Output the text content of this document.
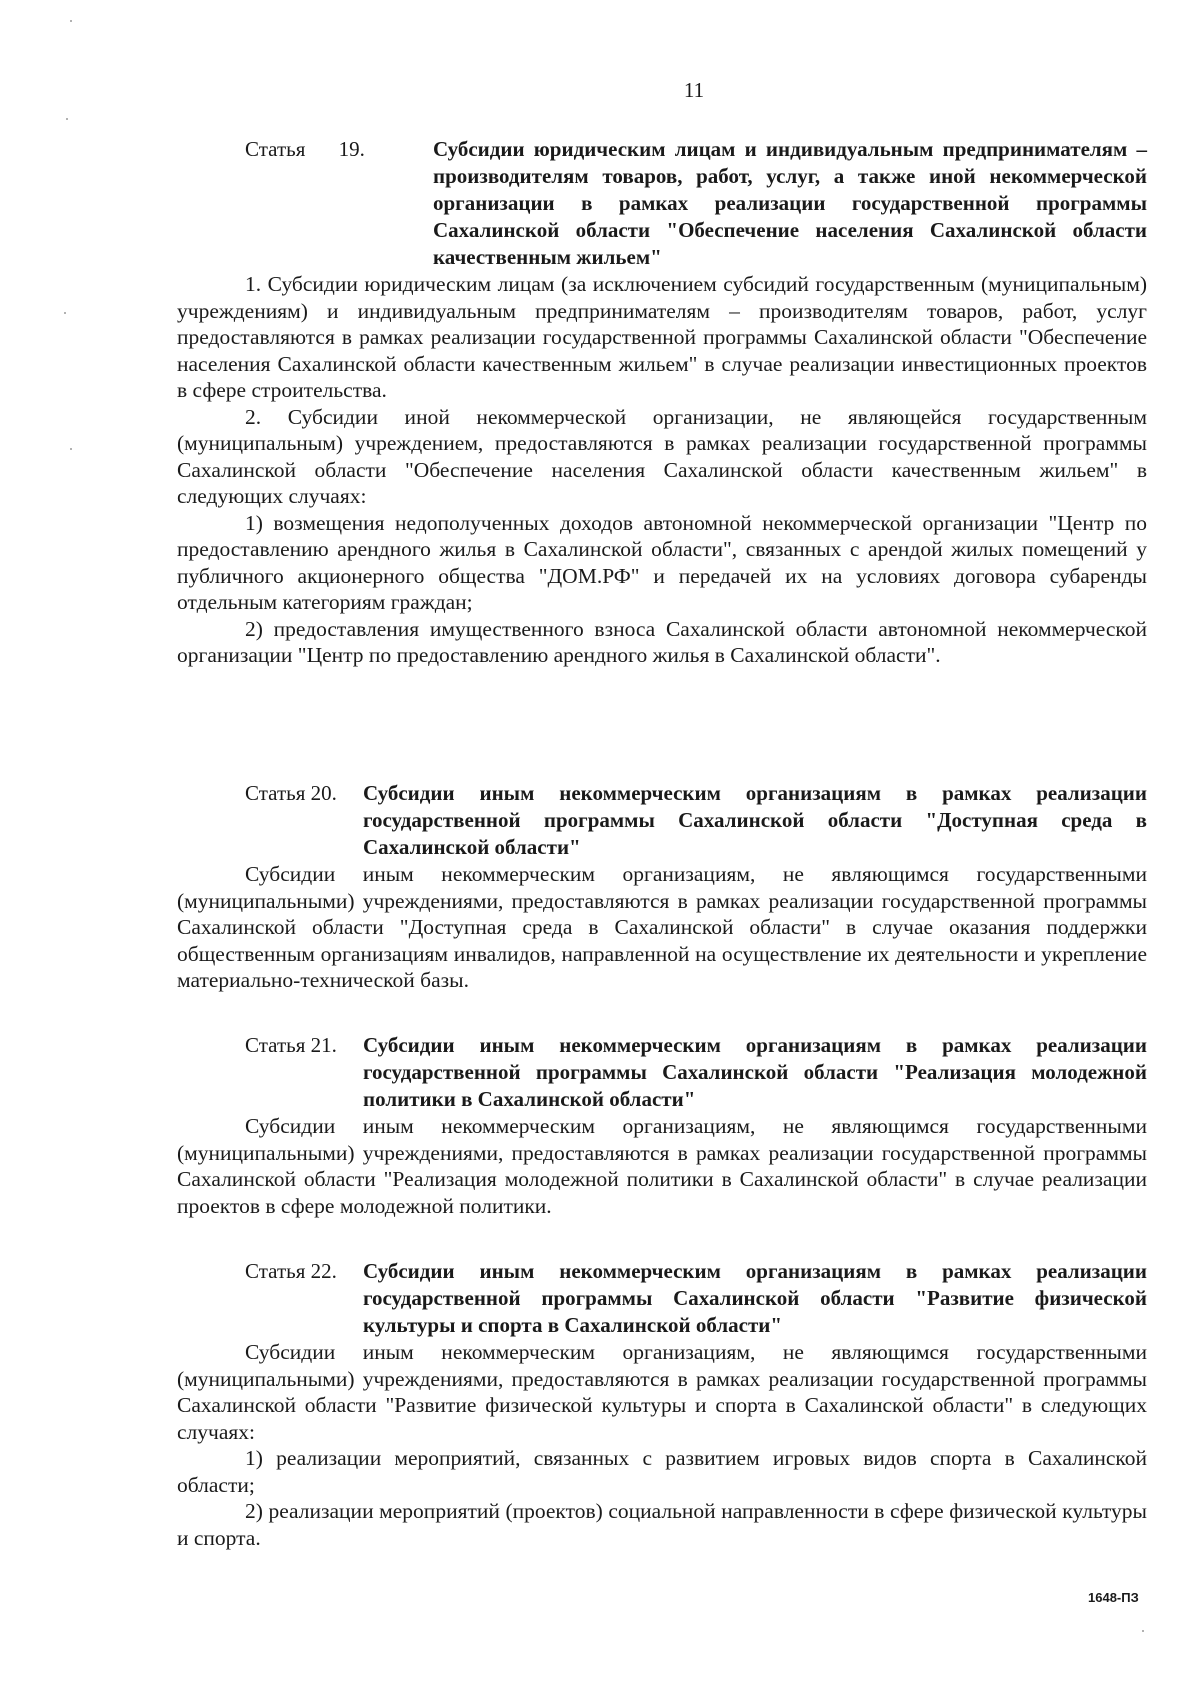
11
Статья 19.	Субсидии юридическим лицам и индивидуальным предпринимателям – производителям товаров, работ, услуг, а также иной некоммерческой организации в рамках реализации государственной программы Сахалинской области "Обеспечение населения Сахалинской области качественным жильем"

1. Субсидии юридическим лицам (за исключением субсидий государственным (муниципальным) учреждениям) и индивидуальным предпринимателям – производителям товаров, работ, услуг предоставляются в рамках реализации государственной программы Сахалинской области "Обеспечение населения Сахалинской области качественным жильем" в случае реализации инвестиционных проектов в сфере строительства.

2. Субсидии иной некоммерческой организации, не являющейся государственным (муниципальным) учреждением, предоставляются в рамках реализации государственной программы Сахалинской области "Обеспечение населения Сахалинской области качественным жильем" в следующих случаях:

1) возмещения недополученных доходов автономной некоммерческой организации "Центр по предоставлению арендного жилья в Сахалинской области", связанных с арендой жилых помещений у публичного акционерного общества "ДОМ.РФ" и передачей их на условиях договора субаренды отдельным категориям граждан;

2) предоставления имущественного взноса Сахалинской области автономной некоммерческой организации "Центр по предоставлению арендного жилья в Сахалинской области".

Статья 20. Субсидии иным некоммерческим организациям в рамках реализации государственной программы Сахалинской области "Доступная среда в Сахалинской области"

Субсидии иным некоммерческим организациям, не являющимся государственными (муниципальными) учреждениями, предоставляются в рамках реализации государственной программы Сахалинской области "Доступная среда в Сахалинской области" в случае оказания поддержки общественным организациям инвалидов, направленной на осуществление их деятельности и укрепление материально-технической базы.

Статья 21. Субсидии иным некоммерческим организациям в рамках реализации государственной программы Сахалинской области "Реализация молодежной политики в Сахалинской области"

Субсидии иным некоммерческим организациям, не являющимся государственными (муниципальными) учреждениями, предоставляются в рамках реализации государственной программы Сахалинской области "Реализация молодежной политики в Сахалинской области" в случае реализации проектов в сфере молодежной политики.

Статья 22. Субсидии иным некоммерческим организациям в рамках реализации государственной программы Сахалинской области "Развитие физической культуры и спорта в Сахалинской области"

Субсидии иным некоммерческим организациям, не являющимся государственными (муниципальными) учреждениями, предоставляются в рамках реализации государственной программы Сахалинской области "Развитие физической культуры и спорта в Сахалинской области" в следующих случаях:

1) реализации мероприятий, связанных с развитием игровых видов спорта в Сахалинской области;

2) реализации мероприятий (проектов) социальной направленности в сфере физической культуры и спорта.

1648-ПЗ
